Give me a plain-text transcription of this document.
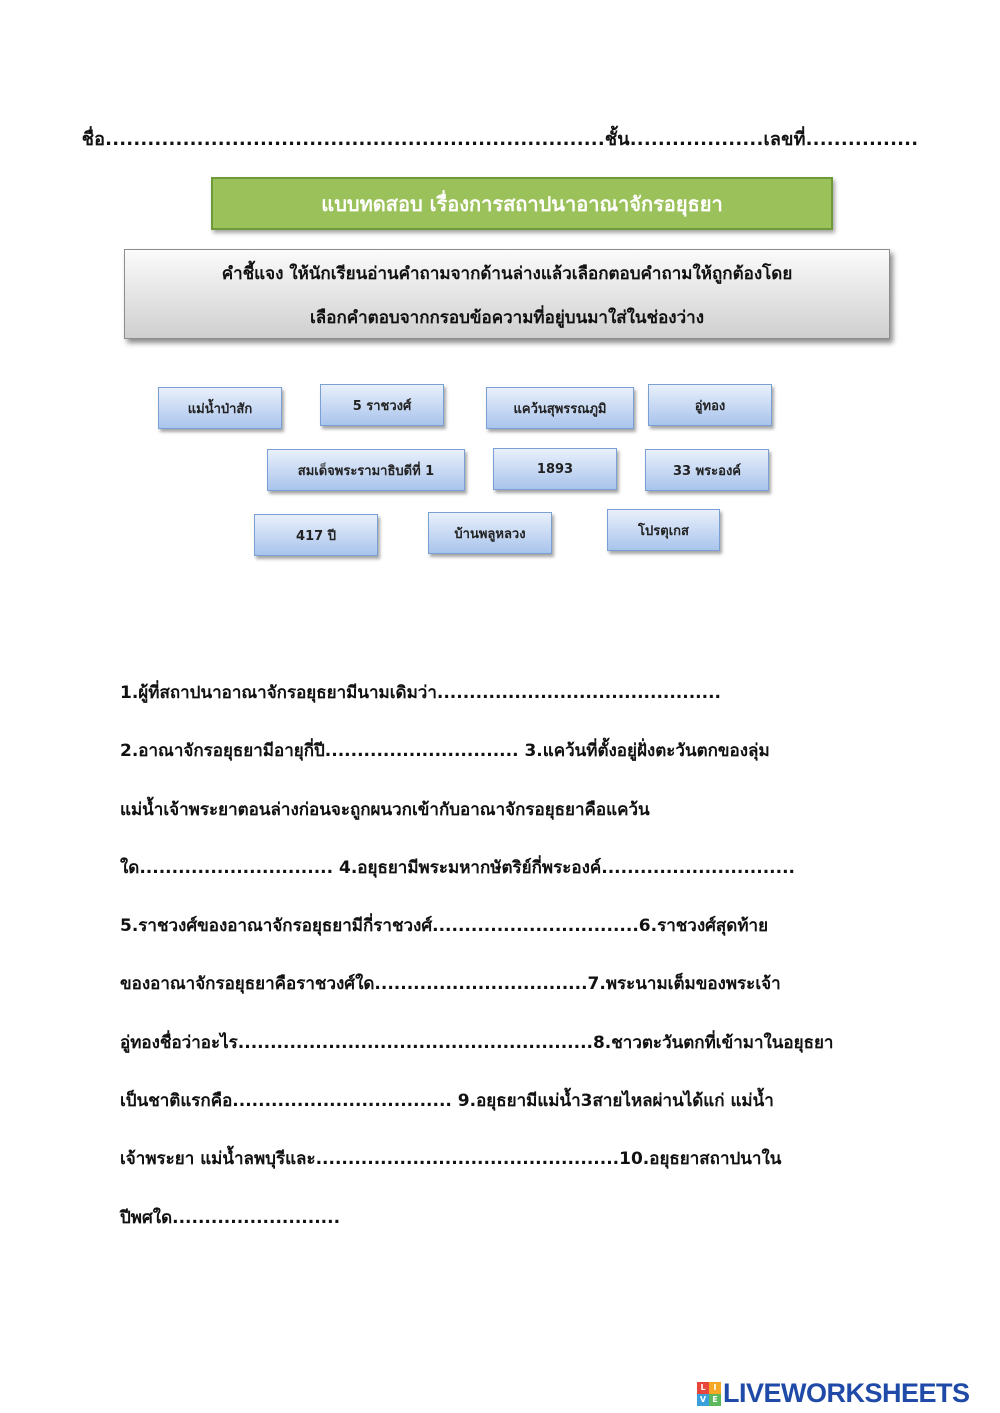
ชื่อ.......................................................................ชั้น...................เลขที่................
แบบทดสอบ เรื่องการสถาปนาอาณาจักรอยุธยา
คำชี้แจง ให้นักเรียนอ่านคำถามจากด้านล่างแล้วเลือกตอบคำถามให้ถูกต้องโดย
เลือกคำตอบจากกรอบข้อความที่อยู่บนมาใส่ในช่องว่าง
แม่น้ำป่าสัก	5 ราชวงศ์	แคว้นสุพรรณภูมิ	อู่ทอง
สมเด็จพระรามาธิบดีที่ 1	1893	33 พระองค์
417 ปี	บ้านพลูหลวง	โปรตุเกส

1.ผู้ที่สถาปนาอาณาจักรอยุธยามีนามเดิมว่า............................................

2.อาณาจักรอยุธยามีอายุกี่ปี.............................. 3.แคว้นที่ตั้งอยู่ฝั่งตะวันตกของลุ่ม

แม่น้ำเจ้าพระยาตอนล่างก่อนจะถูกผนวกเข้ากับอาณาจักรอยุธยาคือแคว้น

ใด.............................. 4.อยุธยามีพระมหากษัตริย์กี่พระองค์..............................

5.ราชวงศ์ของอาณาจักรอยุธยามีกี่ราชวงศ์................................6.ราชวงศ์สุดท้าย

ของอาณาจักรอยุธยาคือราชวงศ์ใด.................................7.พระนามเต็มของพระเจ้า

อู่ทองชื่อว่าอะไร.......................................................8.ชาวตะวันตกที่เข้ามาในอยุธยา

เป็นชาติแรกคือ.................................. 9.อยุธยามีแม่น้ำ3สายไหลผ่านได้แก่ แม่น้ำ

เจ้าพระยา แม่น้ำลพบุรีและ...............................................10.อยุธยาสถาปนาใน

ปีพศใด..........................

L I
V E LIVEWORKSHEETS
